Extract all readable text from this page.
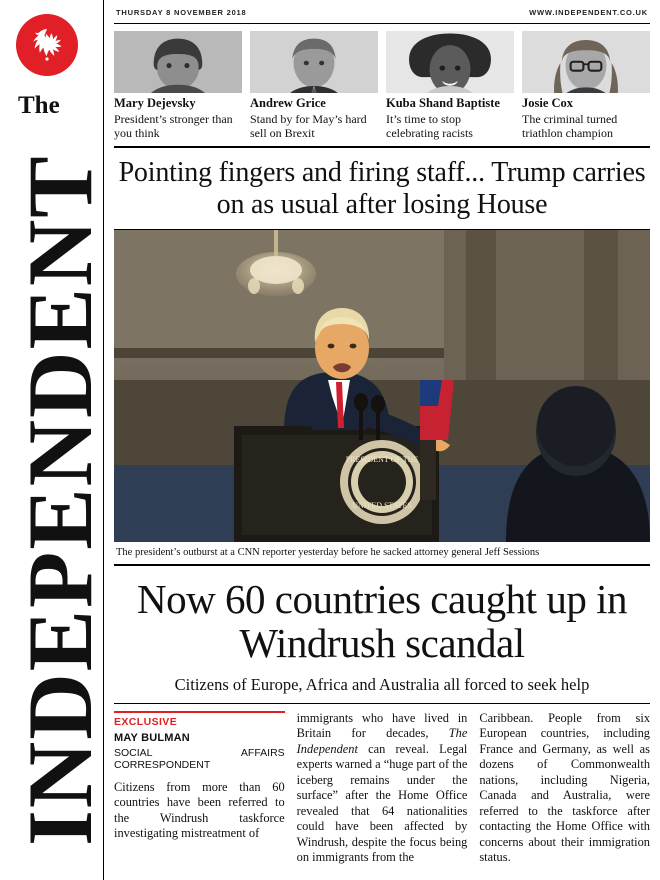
The
INDEPENDENT
THURSDAY 8 NOVEMBER 2018	WWW.INDEPENDENT.CO.UK
Mary Dejevsky
President’s stronger than you think
Andrew Grice
Stand by for May’s hard sell on Brexit
Kuba Shand Baptiste
It’s time to stop celebrating racists
Josie Cox
The criminal turned triathlon champion
Pointing fingers and firing staff... Trump carries on as usual after losing House
PRESIDENT OF THE
UNITED STATES
The president’s outburst at a CNN reporter yesterday before he sacked attorney general Jeff Sessions
Now 60 countries caught up in Windrush scandal
Citizens of Europe, Africa and Australia all forced to seek help
EXCLUSIVE
MAY BULMAN
SOCIAL AFFAIRS CORRESPONDENT

Citizens from more than 60 countries have been referred to the Windrush taskforce investigating mistreatment of

immigrants who have lived in Britain for decades, The Independent can reveal. Legal experts warned a “huge part of the iceberg remains under the surface” after the Home Office revealed that 64 nationalities could have been affected by Windrush, despite the focus being on immigrants from the

Caribbean. People from six European countries, including France and Germany, as well as dozens of Commonwealth nations, including Nigeria, Canada and Australia, were referred to the taskforce after contacting the Home Office with concerns about their immigration status.
